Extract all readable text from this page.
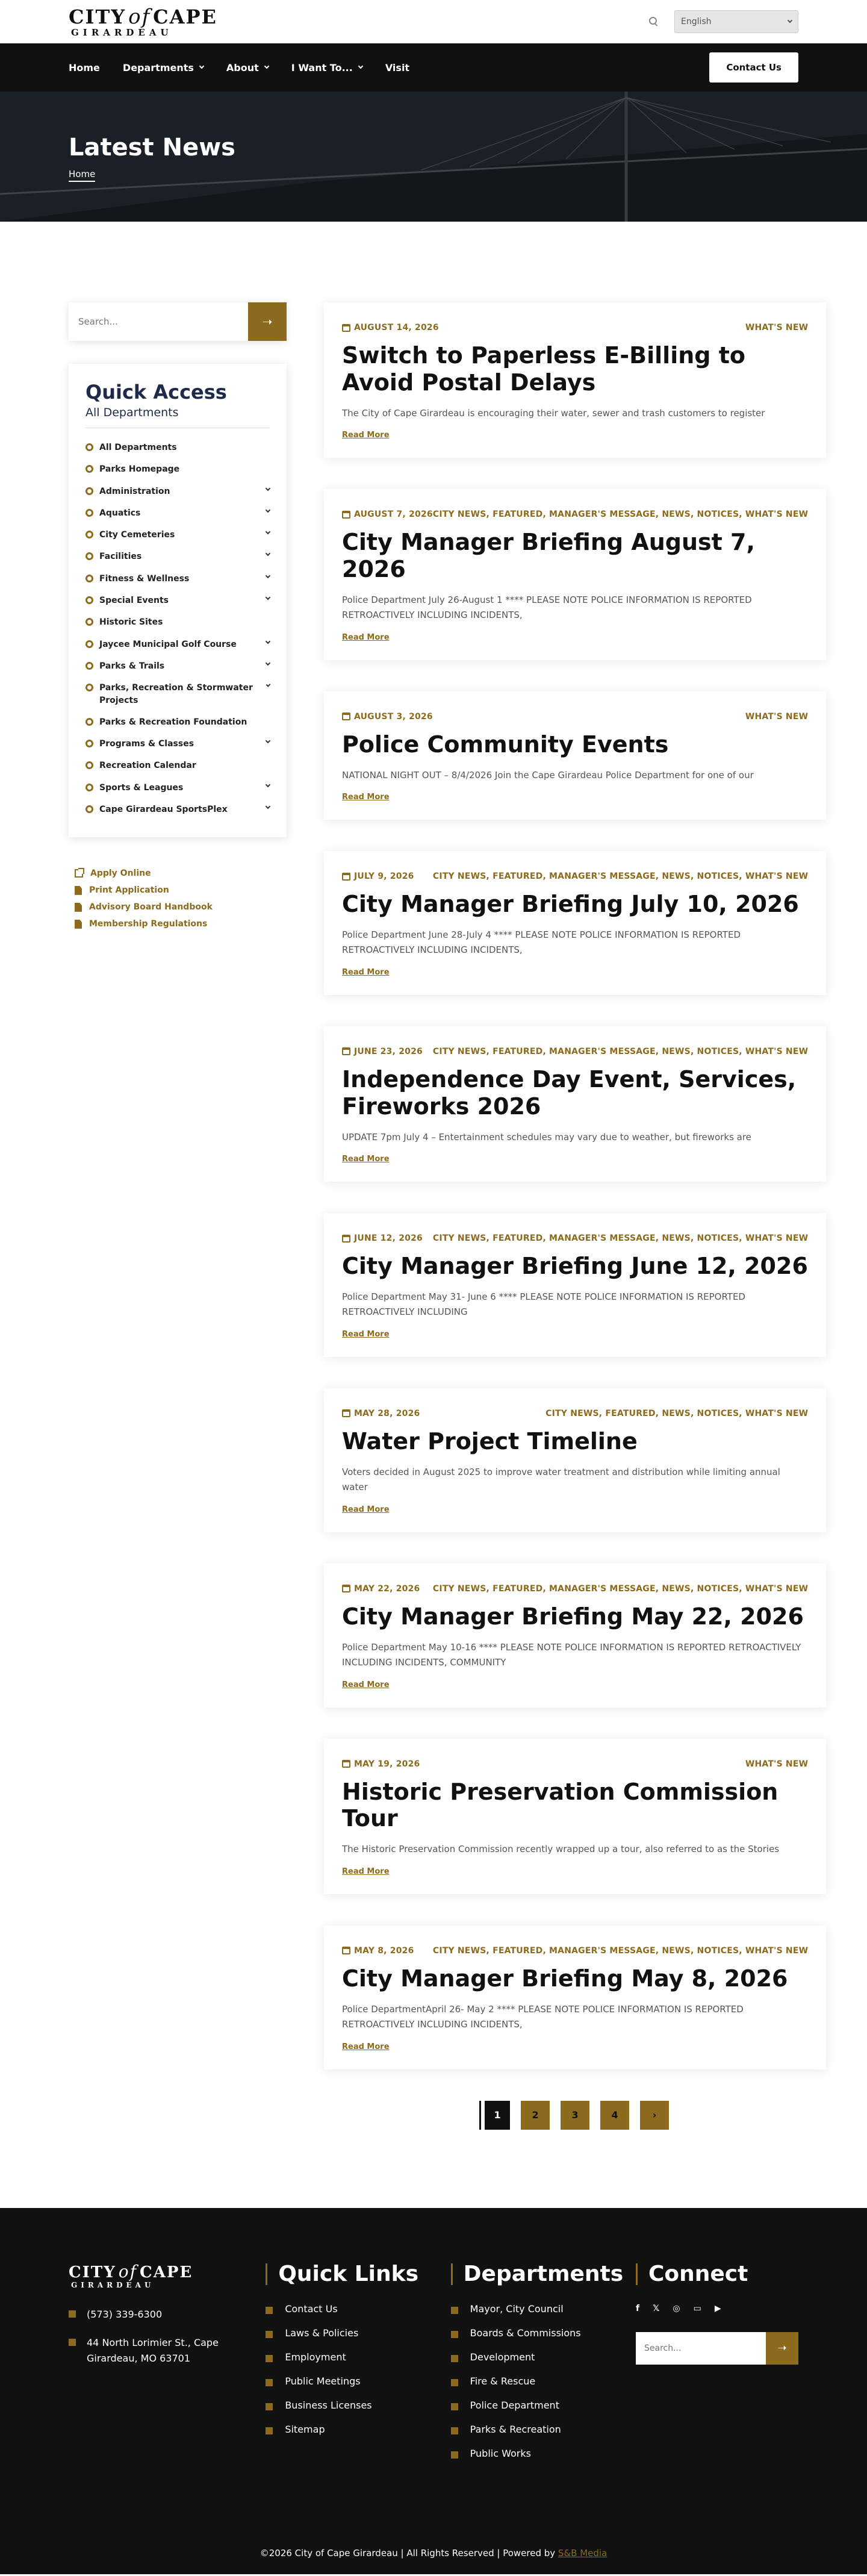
CITY of CAPE
GIRARDEAU
English
Home Departments	About	I Want To...	Visit	Contact Us
Latest News
Home
Search...
➝
Quick Access
All Departments
All Departments
Parks Homepage
Administration
Aquatics
City Cemeteries
Facilities
Fitness & Wellness
Special Events
Historic Sites
Jaycee Municipal Golf Course
Parks & Trails
Parks, Recreation & Stormwater Projects
Parks & Recreation Foundation
Programs & Classes
Recreation Calendar
Sports & Leagues
Cape Girardeau SportsPlex
Apply Online
Print Application
Advisory Board Handbook
Membership Regulations
AUGUST 14, 2026	WHAT'S NEW
Switch to Paperless E-Billing to Avoid Postal Delays

The City of Cape Girardeau is encouraging their water, sewer and trash customers to register

Read More
AUGUST 7, 2026 CITY NEWS, FEATURED, MANAGER'S MESSAGE, NEWS, NOTICES, WHAT'S NEW
City Manager Briefing August 7, 2026

Police Department July 26-August 1 **** PLEASE NOTE POLICE INFORMATION IS REPORTED RETROACTIVELY INCLUDING INCIDENTS,

Read More
AUGUST 3, 2026	WHAT'S NEW
Police Community Events

NATIONAL NIGHT OUT – 8/4/2026 Join the Cape Girardeau Police Department for one of our

Read More
JULY 9, 2026 CITY NEWS, FEATURED, MANAGER'S MESSAGE, NEWS, NOTICES, WHAT'S NEW
City Manager Briefing July 10, 2026

Police Department June 28-July 4 **** PLEASE NOTE POLICE INFORMATION IS REPORTED RETROACTIVELY INCLUDING INCIDENTS,

Read More
JUNE 23, 2026 CITY NEWS, FEATURED, MANAGER'S MESSAGE, NEWS, NOTICES, WHAT'S NEW
Independence Day Event, Services, Fireworks 2026

UPDATE 7pm July 4 – Entertainment schedules may vary due to weather, but fireworks are

Read More
JUNE 12, 2026 CITY NEWS, FEATURED, MANAGER'S MESSAGE, NEWS, NOTICES, WHAT'S NEW
City Manager Briefing June 12, 2026

Police Department May 31- June 6 **** PLEASE NOTE POLICE INFORMATION IS REPORTED RETROACTIVELY INCLUDING

Read More
MAY 28, 2026	CITY NEWS, FEATURED, NEWS, NOTICES, WHAT'S NEW
Water Project Timeline

Voters decided in August 2025 to improve water treatment and distribution while limiting annual water

Read More
MAY 22, 2026 CITY NEWS, FEATURED, MANAGER'S MESSAGE, NEWS, NOTICES, WHAT'S NEW
City Manager Briefing May 22, 2026

Police Department May 10-16 **** PLEASE NOTE POLICE INFORMATION IS REPORTED RETROACTIVELY INCLUDING INCIDENTS, COMMUNITY

Read More
MAY 19, 2026	WHAT'S NEW
Historic Preservation Commission Tour

The Historic Preservation Commission recently wrapped up a tour, also referred to as the Stories

Read More
MAY 8, 2026 CITY NEWS, FEATURED, MANAGER'S MESSAGE, NEWS, NOTICES, WHAT'S NEW
City Manager Briefing May 8, 2026

Police DepartmentApril 26- May 2 **** PLEASE NOTE POLICE INFORMATION IS REPORTED RETROACTIVELY INCLUDING INCIDENTS,

Read More
1	2	3	4	›
CITY of CAPE
GIRARDEAU
(573) 339-6300
44 North Lorimier St., Cape Girardeau, MO 63701
Quick Links
Contact Us
Laws & Policies
Employment
Public Meetings
Business Licenses
Sitemap
Departments
Mayor, City Council
Boards & Commissions
Development
Fire & Rescue
Police Department
Parks & Recreation
Public Works
Connect
f 𝕏 ◎ ▭ ▶
Search...
➝
©2026 City of Cape Girardeau | All Rights Reserved | Powered by S&B Media
